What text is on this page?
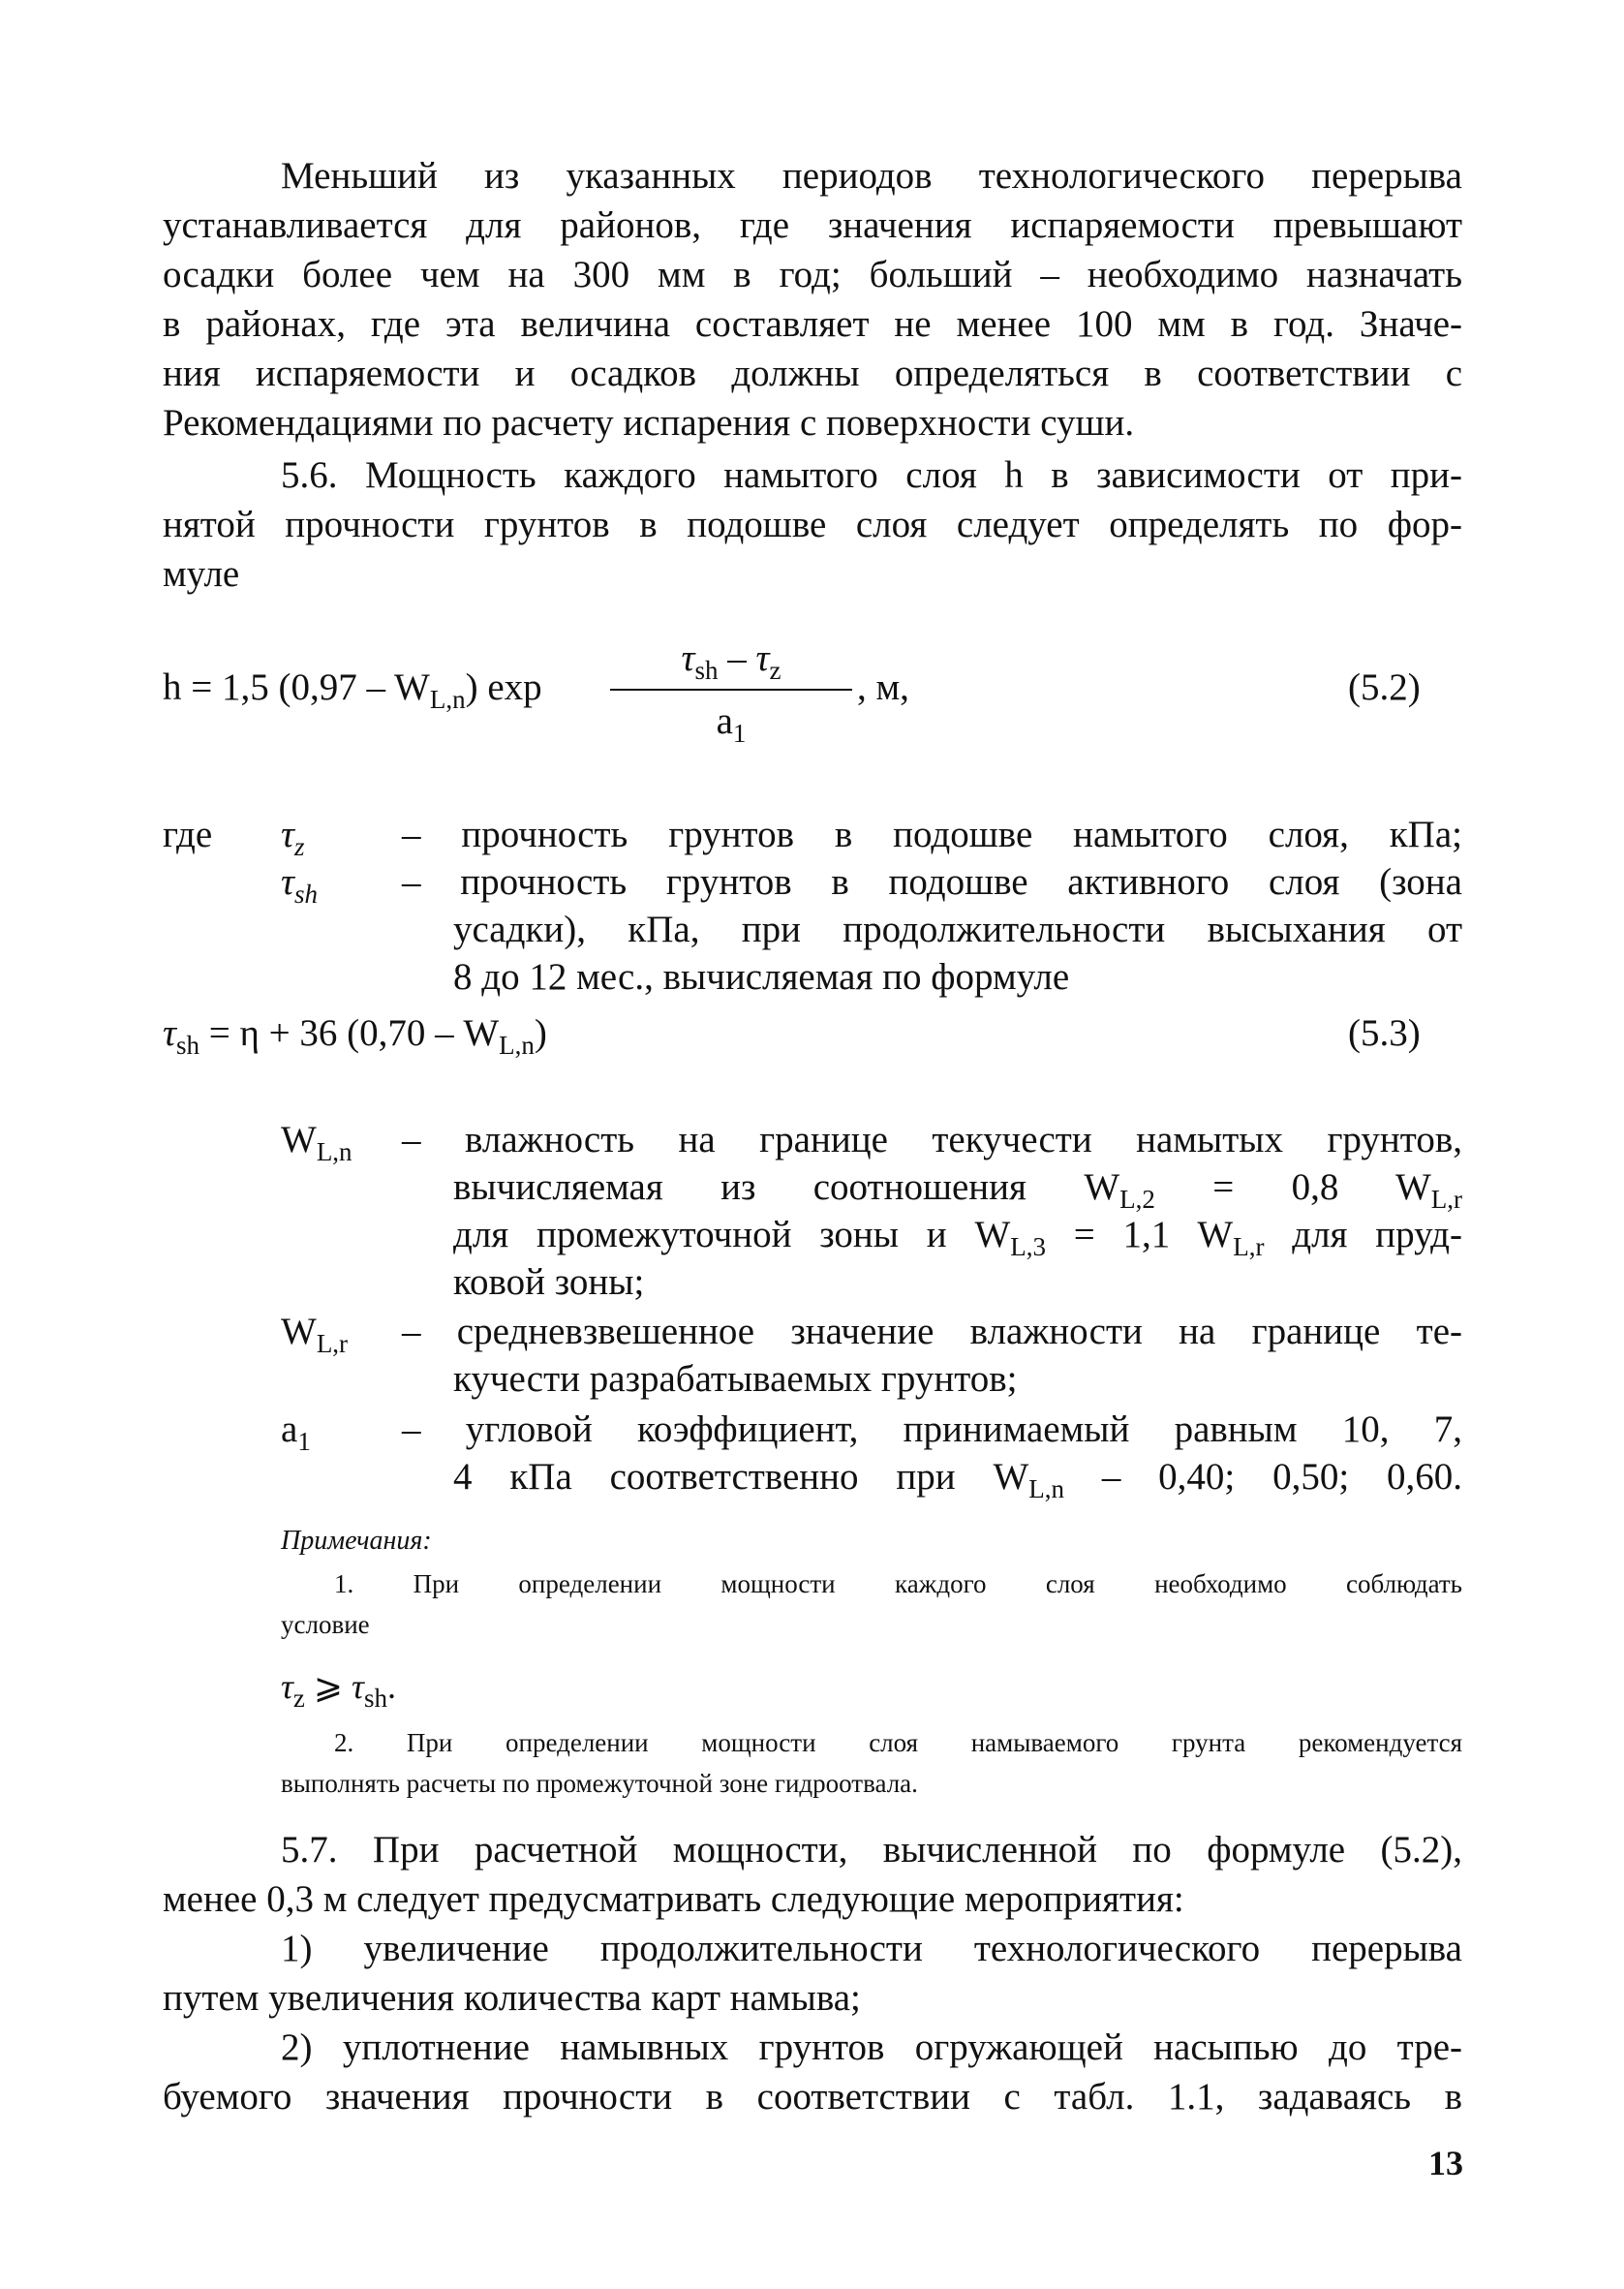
Меньший из указанных периодов технологического перерыва
устанавливается для районов, где значения испаряемости превышают
осадки более чем на 300 мм в год; больший – необходимо назначать
в районах, где эта величина составляет не менее 100 мм в год. Значе-
ния испаряемости и осадков должны определяться в соответствии с
Рекомендациями по расчету испарения с поверхности суши.
5.6. Мощность каждого намытого слоя h в зависимости от при-
нятой прочности грунтов в подошве слоя следует определять по фор-
муле
h = 1,5 $(0,97 - W_{L,n})$ exp
$\tau_{sh} - \tau_z$
$a_1$
, м,	(5.2)
где $\tau_z$	– прочность грунтов в подошве намытого слоя, кПа;
$\tau_{sh}$ – прочность грунтов в подошве активного слоя (зона
усадки), кПа, при продолжительности высыхания от
8 до 12 мес., вычисляемая по формуле
$\tau_{sh} = \eta + 36$ $(0,70 - W_{L,n})$	(5.3)
$W_{L,n}$ – влажность на границе текучести намытых грунтов,
вычисляемая из соотношения $W_{L,2} = 0,8$ $W_{L,r}$
для промежуточной зоны и $W_{L,3} = 1,1$ $W_{L,r}$ для пруд-
ковой зоны;
$W_{L,r}$ – средневзвешенное значение влажности на границе те-
кучести разрабатываемых грунтов;
$a_1$ – угловой коэффициент, принимаемый равным 10, 7,
4 кПа соответственно при $W_{L,n} - 0,40$; 0,50; 0,60.
Примечания:
1. При определении мощности каждого слоя необходимо соблюдать
условие
$\tau_z$ ⩾ $\tau_{sh}$.
2. При определении мощности слоя намываемого грунта рекомендуется
выполнять расчеты по промежуточной зоне гидроотвала.
5.7. При расчетной мощности, вычисленной по формуле (5.2),
менее 0,3 м следует предусматривать следующие мероприятия:
1) увеличение продолжительности технологического перерыва
путем увеличения количества карт намыва;
2) уплотнение намывных грунтов огружающей насыпью до тре-
буемого значения прочности в соответствии с табл. 1.1, задаваясь в
13
